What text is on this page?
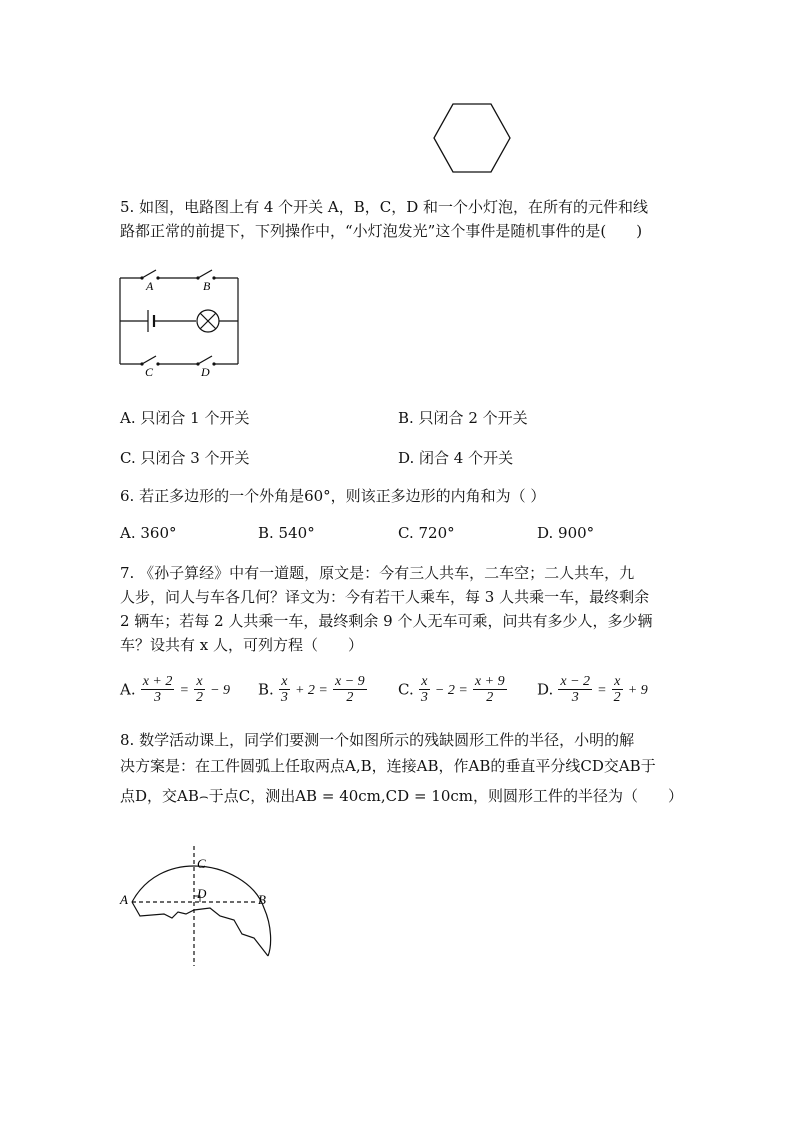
5. 如图，电路图上有 4 个开关 A，B，C，D 和一个小灯泡，在所有的元件和线
路都正常的前提下，下列操作中，“小灯泡发光”这个事件是随机事件的是(　　)
A	B
C	D
A. 只闭合 1 个开关	B. 只闭合 2 个开关
C. 只闭合 3 个开关	D. 闭合 4 个开关
6. 若正多边形的一个外角是60°，则该正多边形的内角和为（ ）
A. 360°	B. 540°	C. 720°	D. 900°
7. 《孙子算经》中有一道题，原文是：今有三人共车，二车空；二人共车，九
人步，问人与车各几何？译文为：今有若干人乘车，每 3 人共乘一车，最终剩余
2 辆车；若每 2 人共乘一车，最终剩余 9 个人无车可乘，问共有多少人，多少辆
车？设共有 x 人，可列方程（　　）
A. $\frac{x + 2}{3} = \frac{x}{2} - 9$ B. $\frac{x}{3} + 2 = \frac{x - 9}{2} C$. $\frac{x}{3} - 2 = \frac{x + 9}{2} D$. $\frac{x - 2}{3} = \frac{x}{2} + 9$
8. 数学活动课上，同学们要测一个如图所示的残缺圆形工件的半径，小明的解
决方案是：在工件圆弧上任取两点A,B，连接AB，作AB的垂直平分线CD交AB于
点D，交AB⌢于点C，测出AB = 40cm,CD = 10cm，则圆形工件的半径为（　　）
A	B
C
D
